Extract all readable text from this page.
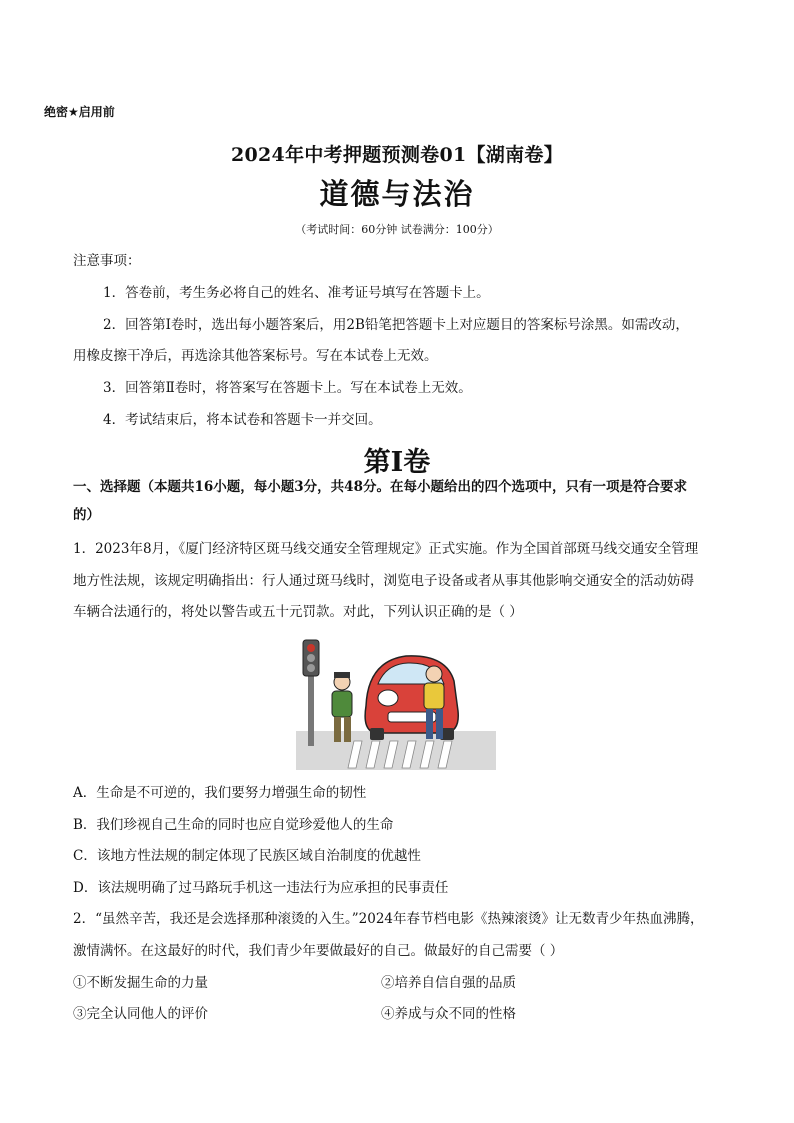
绝密★启用前
2024年中考押题预测卷01【湖南卷】
道德与法治
（考试时间：60分钟 试卷满分：100分）
注意事项：
1．答卷前，考生务必将自己的姓名、准考证号填写在答题卡上。
2．回答第Ⅰ卷时，选出每小题答案后，用2B铅笔把答题卡上对应题目的答案标号涂黑。如需改动，
用橡皮擦干净后，再选涂其他答案标号。写在本试卷上无效。
3．回答第Ⅱ卷时，将答案写在答题卡上。写在本试卷上无效。
4．考试结束后，将本试卷和答题卡一并交回。
第Ⅰ卷
一、选择题（本题共16小题，每小题3分，共48分。在每小题给出的四个选项中，只有一项是符合要求
的）
1．2023年8月，《厦门经济特区斑马线交通安全管理规定》正式实施。作为全国首部斑马线交通安全管理
地方性法规，该规定明确指出：行人通过斑马线时，浏览电子设备或者从事其他影响交通安全的活动妨碍
车辆合法通行的，将处以警告或五十元罚款。对此，下列认识正确的是（ ）
A．生命是不可逆的，我们要努力增强生命的韧性
B．我们珍视自己生命的同时也应自觉珍爱他人的生命
C．该地方性法规的制定体现了民族区域自治制度的优越性
D．该法规明确了过马路玩手机这一违法行为应承担的民事责任
2．“虽然辛苦，我还是会选择那种滚烫的入生。”2024年春节档电影《热辣滚烫》让无数青少年热血沸腾，
激情满怀。在这最好的时代，我们青少年要做最好的自己。做最好的自己需要（ ）
①不断发掘生命的力量	②培养自信自强的品质
③完全认同他人的评价	④养成与众不同的性格
